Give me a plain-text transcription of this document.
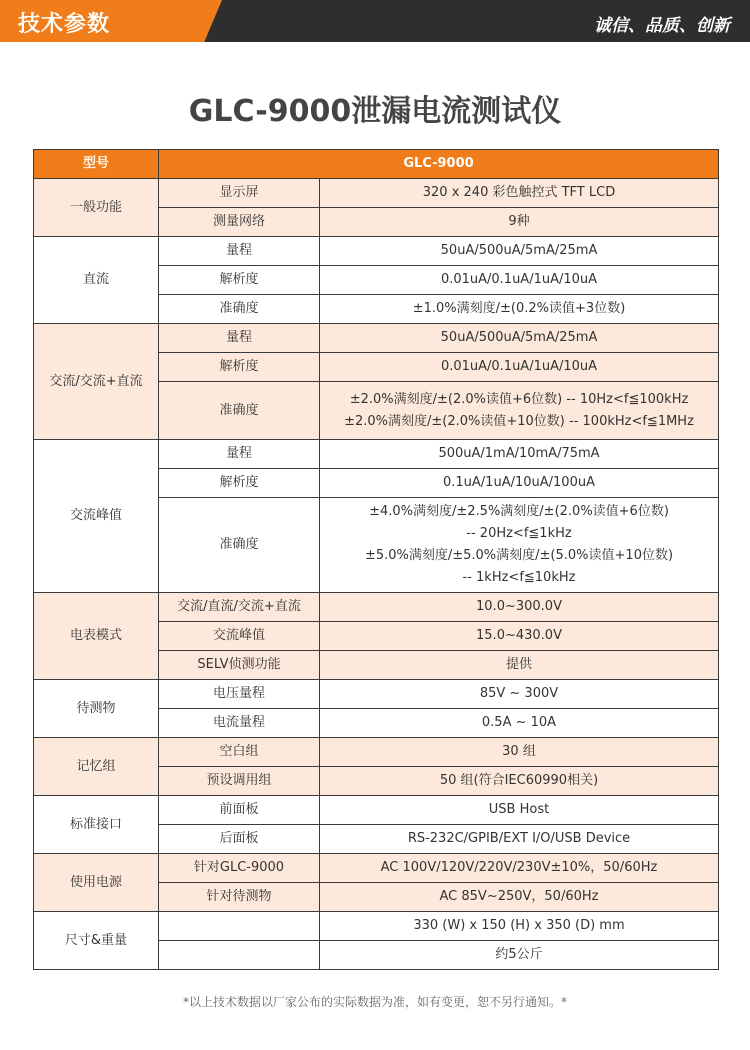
技术参数	诚信、品质、创新
GLC-9000泄漏电流测试仪
型号	GLC-9000	
一般功能	显示屏	320 x 240 彩色触控式 TFT LCD
	测量网络	9种
直流	量程	50uA/500uA/5mA/25mA
	解析度	0.01uA/0.1uA/1uA/10uA
	准确度	±1.0%满刻度/±(0.2%读值+3位数)
交流/交流+直流	量程	50uA/500uA/5mA/25mA
	解析度	0.01uA/0.1uA/1uA/10uA
	准确度	±2.0%满刻度/±(2.0%读值+6位数) -- 10Hz<f≦100kHz
±2.0%满刻度/±(2.0%读值+10位数) -- 100kHz<f≦1MHz

交流峰值	量程	500uA/1mA/10mA/75mA
	解析度	0.1uA/1uA/10uA/100uA
	准确度	±4.0%满刻度/±2.5%满刻度/±(2.0%读值+6位数)
-- 20Hz<f≦1kHz
±5.0%满刻度/±5.0%满刻度/±(5.0%读值+10位数)
-- 1kHz<f≦10kHz

电表模式	交流/直流/交流+直流	10.0~300.0V
	交流峰值	15.0~430.0V
	SELV侦测功能	提供
待测物	电压量程	85V ~ 300V
	电流量程	0.5A ~ 10A
记忆组	空白组	30 组
	预设调用组	50 组(符合IEC60990相关)
标准接口	前面板	USB Host
	后面板	RS-232C/GPIB/EXT I/O/USB Device
使用电源	针对GLC-9000	AC 100V/120V/220V/230V±10%，50/60Hz
	针对待测物	AC 85V~250V，50/60Hz
尺寸&重量		330 (W) x 150 (H) x 350 (D) mm
		约5公斤
*以上技术数据以厂家公布的实际数据为准，如有变更，恕不另行通知。*
